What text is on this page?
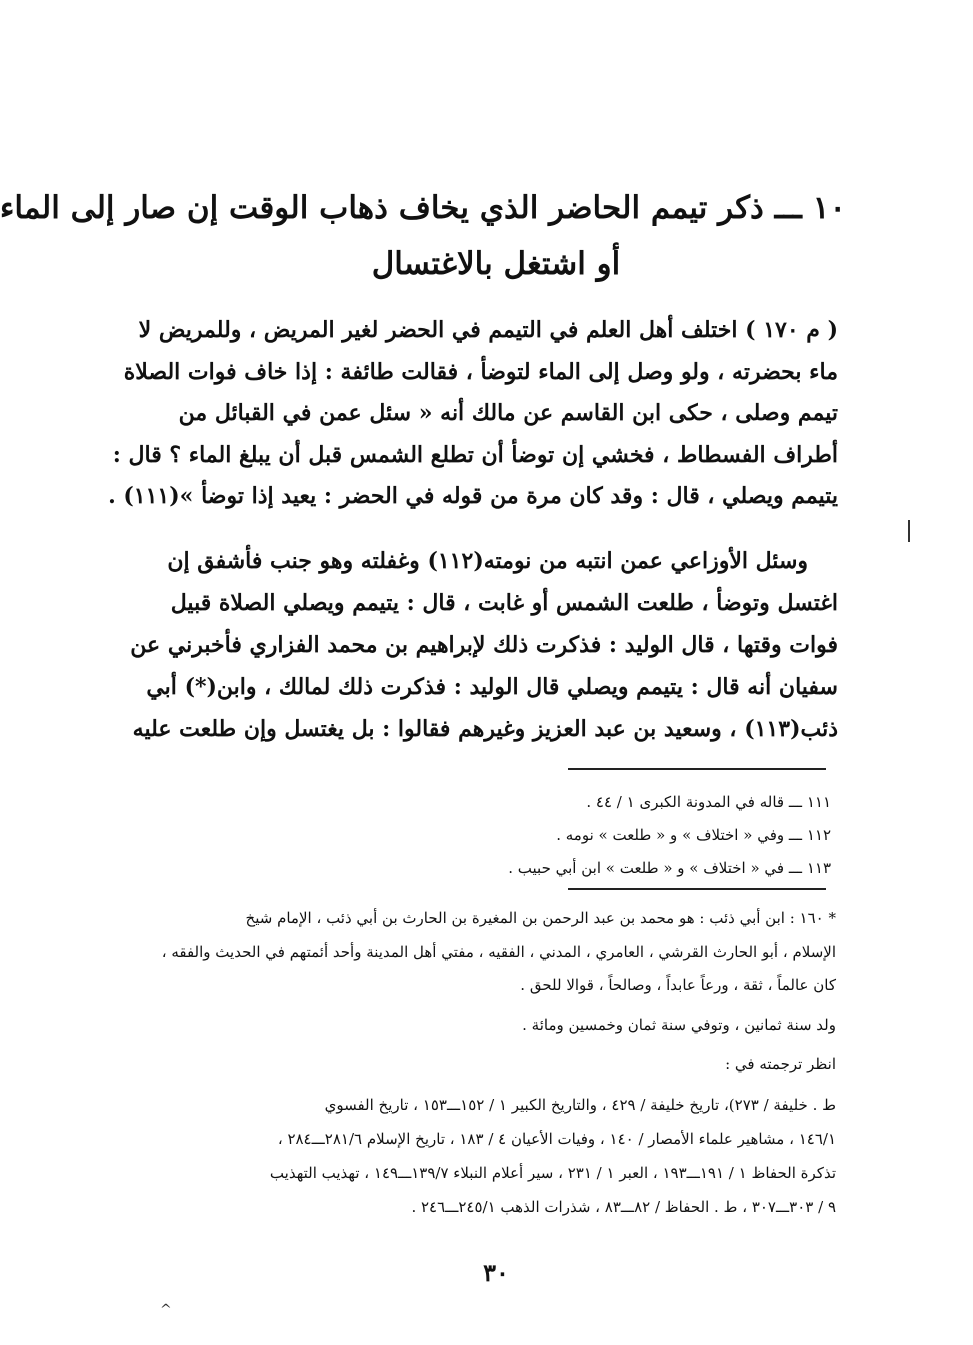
١٠ ـــ ذكر تيمم الحاضر الذي يخاف ذهاب الوقت إن صار إلى الماء
أو اشتغل بالاغتسال
( م ١٧٠ ) اختلف أهل العلم في التيمم في الحضر لغير المريض ، وللمريض لا
ماء بحضرته ، ولو وصل إلى الماء لتوضأ ، فقالت طائفة : إذا خاف فوات الصلاة
تيمم وصلى ، حكى ابن القاسم عن مالك أنه « سئل عمن في القبائل من
أطراف الفسطاط ، فخشي إن توضأ أن تطلع الشمس قبل أن يبلغ الماء ؟ قال :
يتيمم ويصلي ، قال : وقد كان مرة من قوله في الحضر : يعيد إذا توضأ »(١١١) .
وسئل الأوزاعي عمن انتبه من نومته(١١٢) وغفلته وهو جنب فأشفق إن
اغتسل وتوضأ ، طلعت الشمس أو غابت ، قال : يتيمم ويصلي الصلاة قبيل
فوات وقتها ، قال الوليد : فذكرت ذلك لإبراهيم بن محمد الفزاري فأخبرني عن
سفيان أنه قال : يتيمم ويصلي قال الوليد : فذكرت ذلك لمالك ، وابن(*) أبي
ذئب(١١٣) ، وسعيد بن عبد العزيز وغيرهم فقالوا : بل يغتسل وإن طلعت عليه
١١١ ـــ قاله في المدونة الكبرى ١ / ٤٤ .
١١٢ ـــ وفي « اختلاف » و « طلعت » نومه .
١١٣ ـــ في « اختلاف » و « طلعت » ابن أبي حبيب .
* ١٦٠ : ابن أبي ذئب : هو محمد بن عبد الرحمن بن المغيرة بن الحارث بن أبي ذئب ، الإمام شيخ
الإسلام ، أبو الحارث القرشي ، العامري ، المدني ، الفقيه ، مفتي أهل المدينة وأحد أئمتهم في الحديث والفقه ،
كان عالماً ، ثقة ، ورعاً عابداً ، وصالحاً ، قوالا للحق .
ولد سنة ثمانين ، وتوفي سنة ثمان وخمسين ومائة .
انظر ترجمته في :
ط . خليفة / ٢٧٣)، تاريخ خليفة / ٤٢٩ ، والتاريخ الكبير ١ / ١٥٢ـــ١٥٣ ، تاريخ الفسوي
١٤٦/١ ، مشاهير علماء الأمصار / ١٤٠ ، وفيات الأعيان ٤ / ١٨٣ ، تاريخ الإسلام ٢٨١/٦ـــ٢٨٤ ،
تذكرة الحفاظ ١ / ١٩١ـــ١٩٣ ، العبر ١ / ٢٣١ ، سير أعلام النبلاء ١٣٩/٧ـــ١٤٩ ، تهذيب التهذيب
٩ / ٣٠٣ـــ٣٠٧ ، ط . الحفاظ / ٨٢ـــ٨٣ ، شذرات الذهب ٢٤٥/١ـــ٢٤٦ .
٣٠
^
